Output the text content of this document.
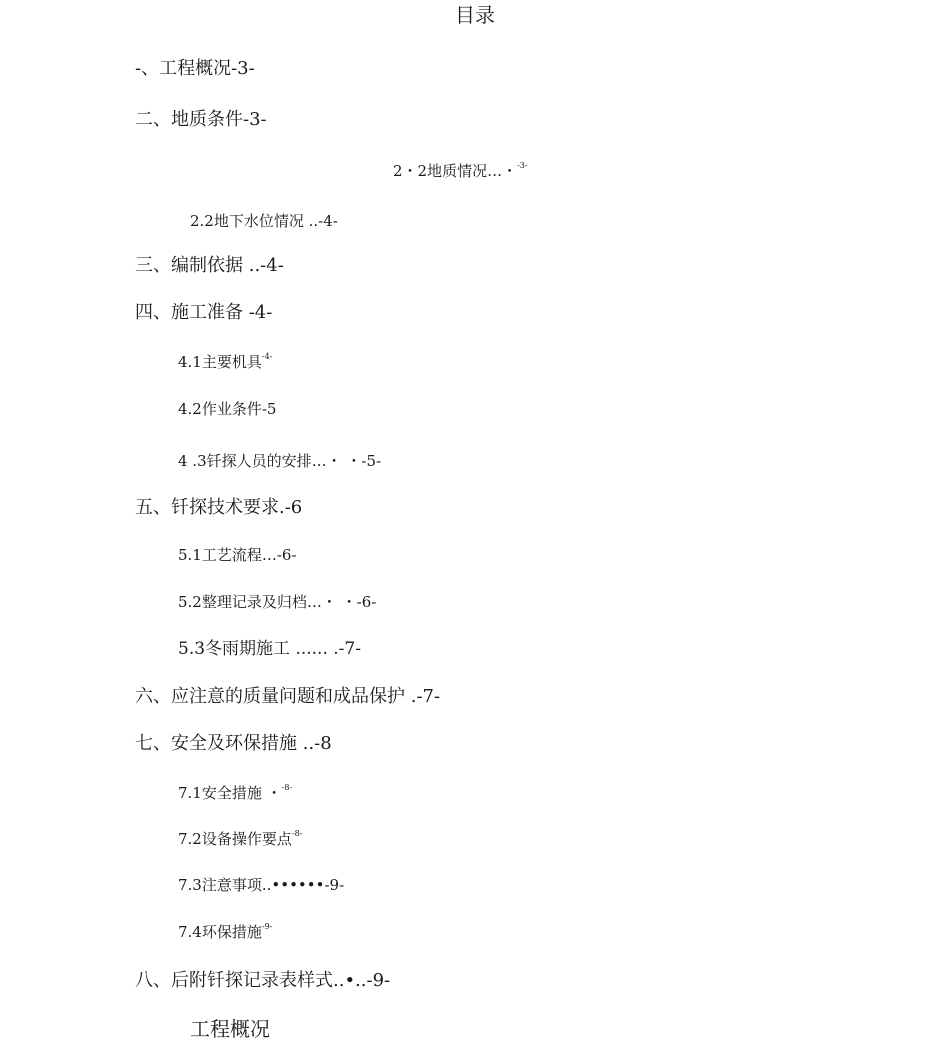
目录
-、工程概况-3-
二、地质条件-3-
2・2地质情况…・$^{-3-}$
2.2地下水位情况 ..-4-
三、编制依据 ..-4-
四、施工准备 -4-
4.1主要机具$^{-4-}$
4.2作业条件-5
4 .3钎探人员的安排…・ ・-5-
五、钎探技术要求.-6
5.1工艺流程…-6-
5.2整理记录及归档…・ ・-6-
5.3冬雨期施工 ...... .-7-
六、应注意的质量问题和成品保护 .-7-
七、安全及环保措施 ..-8
7.1安全措施 ・$^{-8-}$
7.2设备操作要点$^{-8-}$
7.3注意事项..••••••-9-
7.4环保措施$^{-9-}$
八、后附钎探记录表样式..•..-9-
工程概况
